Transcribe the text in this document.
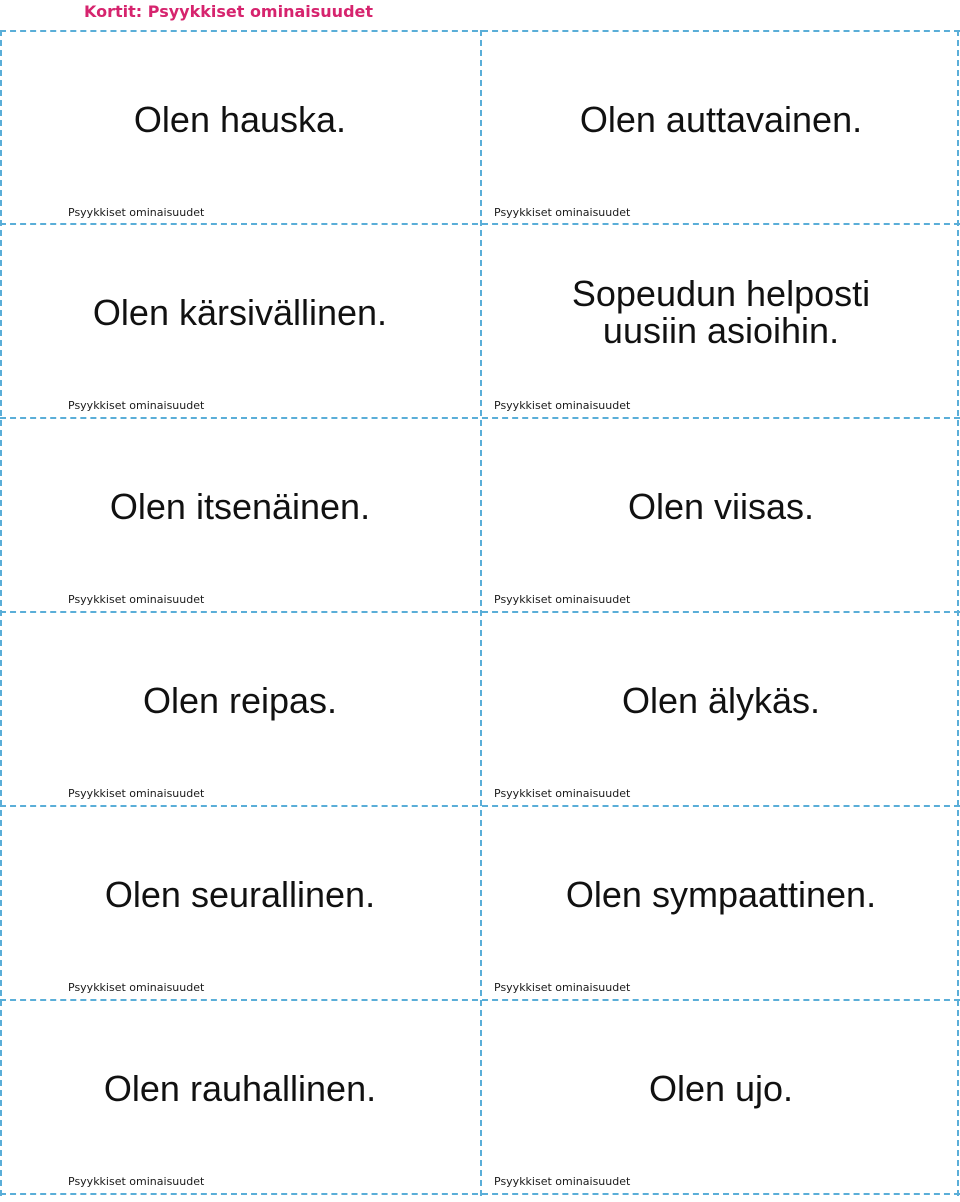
Kortit: Psyykkiset ominaisuudet
Olen hauska.
Psyykkiset ominaisuudet
Olen auttavainen.
Psyykkiset ominaisuudet
Olen kärsivällinen.
Psyykkiset ominaisuudet
Sopeudun helposti uusiin asioihin.
Psyykkiset ominaisuudet
Olen itsenäinen.
Psyykkiset ominaisuudet
Olen viisas.
Psyykkiset ominaisuudet
Olen reipas.
Psyykkiset ominaisuudet
Olen älykäs.
Psyykkiset ominaisuudet
Olen seurallinen.
Psyykkiset ominaisuudet
Olen sympaattinen.
Psyykkiset ominaisuudet
Olen rauhallinen.
Psyykkiset ominaisuudet
Olen ujo.
Psyykkiset ominaisuudet
